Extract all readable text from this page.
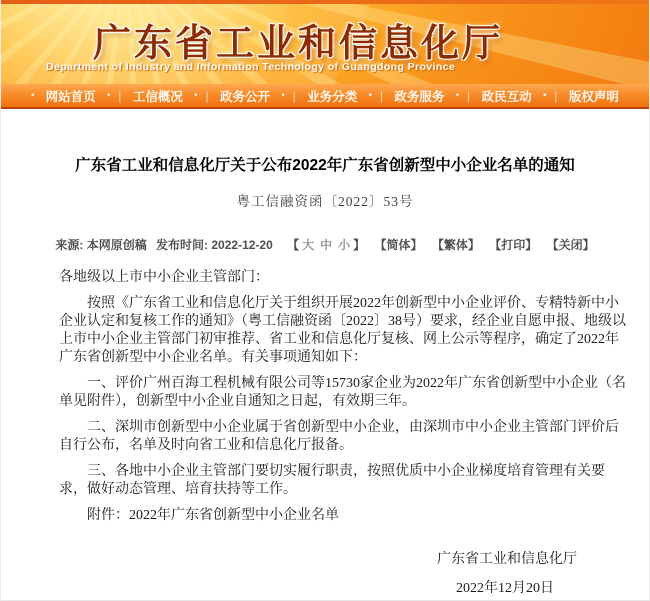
广东省工业和信息化厅
Department of Industry and Information Technology of Guangdong Province
• 网站首页 • | 工信概况 • | 政务公开 • | 业务分类 • | 政务服务 • | 政民互动 • | 版权声明
广东省工业和信息化厅关于公布2022年广东省创新型中小企业名单的通知
粤工信融资函〔2022〕53号
来源: 本网原创稿 发布时间: 2022-12-20 【 大 中 小 】 【简体】 【繁体】 【打印】 【关闭】

各地级以上市中小企业主管部门：

按照《广东省工业和信息化厅关于组织开展2022年创新型中小企业评价、专精特新中小企业认定和复核工作的通知》（粤工信融资函〔2022〕38号）要求，经企业自愿申报、地级以上市中小企业主管部门初审推荐、省工业和信息化厅复核、网上公示等程序，确定了2022年广东省创新型中小企业名单。有关事项通知如下：

一、评价广州百海工程机械有限公司等15730家企业为2022年广东省创新型中小企业（名单见附件），创新型中小企业自通知之日起，有效期三年。

二、深圳市创新型中小企业属于省创新型中小企业，由深圳市中小企业主管部门评价后自行公布，名单及时向省工业和信息化厅报备。

三、各地中小企业主管部门要切实履行职责，按照优质中小企业梯度培育管理有关要求，做好动态管理、培育扶持等工作。

附件：2022年广东省创新型中小企业名单

广东省工业和信息化厅
2022年12月20日
